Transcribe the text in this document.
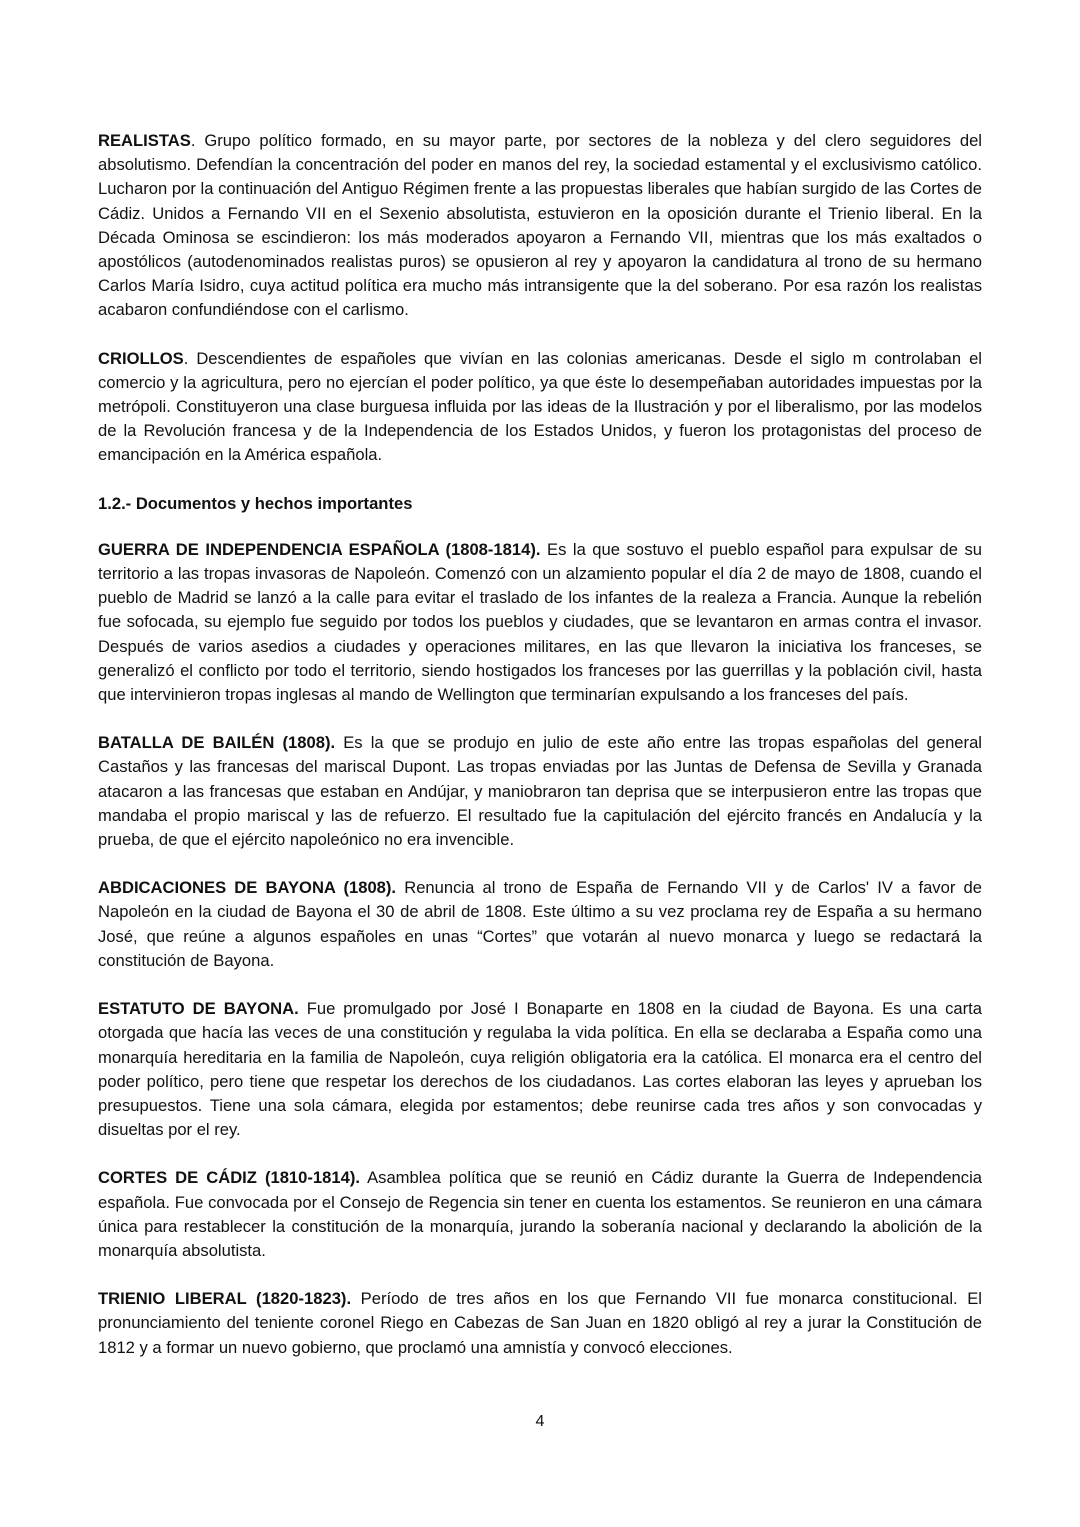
REALISTAS. Grupo político formado, en su mayor parte, por sectores de la nobleza y del clero seguidores del absolutismo. Defendían la concentración del poder en manos del rey, la sociedad estamental y el exclusivismo católico. Lucharon por la continuación del Antiguo Régimen frente a las propuestas liberales que habían surgido de las Cortes de Cádiz. Unidos a Fernando VII en el Sexenio absolutista, estuvieron en la oposición durante el Trienio liberal. En la Década Ominosa se escindieron: los más moderados apoyaron a Fernando VII, mientras que los más exaltados o apostólicos (autodenominados realistas puros) se opusieron al rey y apoyaron la candidatura al trono de su hermano Carlos María Isidro, cuya actitud política era mucho más intransigente que la del soberano. Por esa razón los realistas acabaron confundiéndose con el carlismo.

CRIOLLOS. Descendientes de españoles que vivían en las colonias americanas. Desde el siglo m controlaban el comercio y la agricultura, pero no ejercían el poder político, ya que éste lo desempeñaban autoridades impuestas por la metrópoli. Constituyeron una clase burguesa influida por las ideas de la Ilustración y por el liberalismo, por las modelos de la Revolución francesa y de la Independencia de los Estados Unidos, y fueron los protagonistas del proceso de emancipación en la América española.

1.2.- Documentos y hechos importantes

GUERRA DE INDEPENDENCIA ESPAÑOLA (1808-1814). Es la que sostuvo el pueblo español para expulsar de su territorio a las tropas invasoras de Napoleón. Comenzó con un alzamiento popular el día 2 de mayo de 1808, cuando el pueblo de Madrid se lanzó a la calle para evitar el traslado de los infantes de la realeza a Francia. Aunque la rebelión fue sofocada, su ejemplo fue seguido por todos los pueblos y ciudades, que se levantaron en armas contra el invasor. Después de varios asedios a ciudades y operaciones militares, en las que llevaron la iniciativa los franceses, se generalizó el conflicto por todo el territorio, siendo hostigados los franceses por las guerrillas y la población civil, hasta que intervinieron tropas inglesas al mando de Wellington que terminarían expulsando a los franceses del país.

BATALLA DE BAILÉN (1808). Es la que se produjo en julio de este año entre las tropas españolas del general Castaños y las francesas del mariscal Dupont. Las tropas enviadas por las Juntas de Defensa de Sevilla y Granada atacaron a las francesas que estaban en Andújar, y maniobraron tan deprisa que se interpusieron entre las tropas que mandaba el propio mariscal y las de refuerzo. El resultado fue la capitulación del ejército francés en Andalucía y la prueba, de que el ejército napoleónico no era invencible.

ABDICACIONES DE BAYONA (1808). Renuncia al trono de España de Fernando VII y de Carlos' IV a favor de Napoleón en la ciudad de Bayona el 30 de abril de 1808. Este último a su vez proclama rey de España a su hermano José, que reúne a algunos españoles en unas “Cortes” que votarán al nuevo monarca y luego se redactará la constitución de Bayona.

ESTATUTO DE BAYONA. Fue promulgado por José I Bonaparte en 1808 en la ciudad de Bayona. Es una carta otorgada que hacía las veces de una constitución y regulaba la vida política. En ella se declaraba a España como una monarquía hereditaria en la familia de Napoleón, cuya religión obligatoria era la católica. El monarca era el centro del poder político, pero tiene que respetar los derechos de los ciudadanos. Las cortes elaboran las leyes y aprueban los presupuestos. Tiene una sola cámara, elegida por estamentos; debe reunirse cada tres años y son convocadas y disueltas por el rey.

CORTES DE CÁDIZ (1810-1814). Asamblea política que se reunió en Cádiz durante la Guerra de Independencia española. Fue convocada por el Consejo de Regencia sin tener en cuenta los estamentos. Se reunieron en una cámara única para restablecer la constitución de la monarquía, jurando la soberanía nacional y declarando la abolición de la monarquía absolutista.

TRIENIO LIBERAL (1820-1823). Período de tres años en los que Fernando VII fue monarca constitucional. El pronunciamiento del teniente coronel Riego en Cabezas de San Juan en 1820 obligó al rey a jurar la Constitución de 1812 y a formar un nuevo gobierno, que proclamó una amnistía y convocó elecciones.

4
